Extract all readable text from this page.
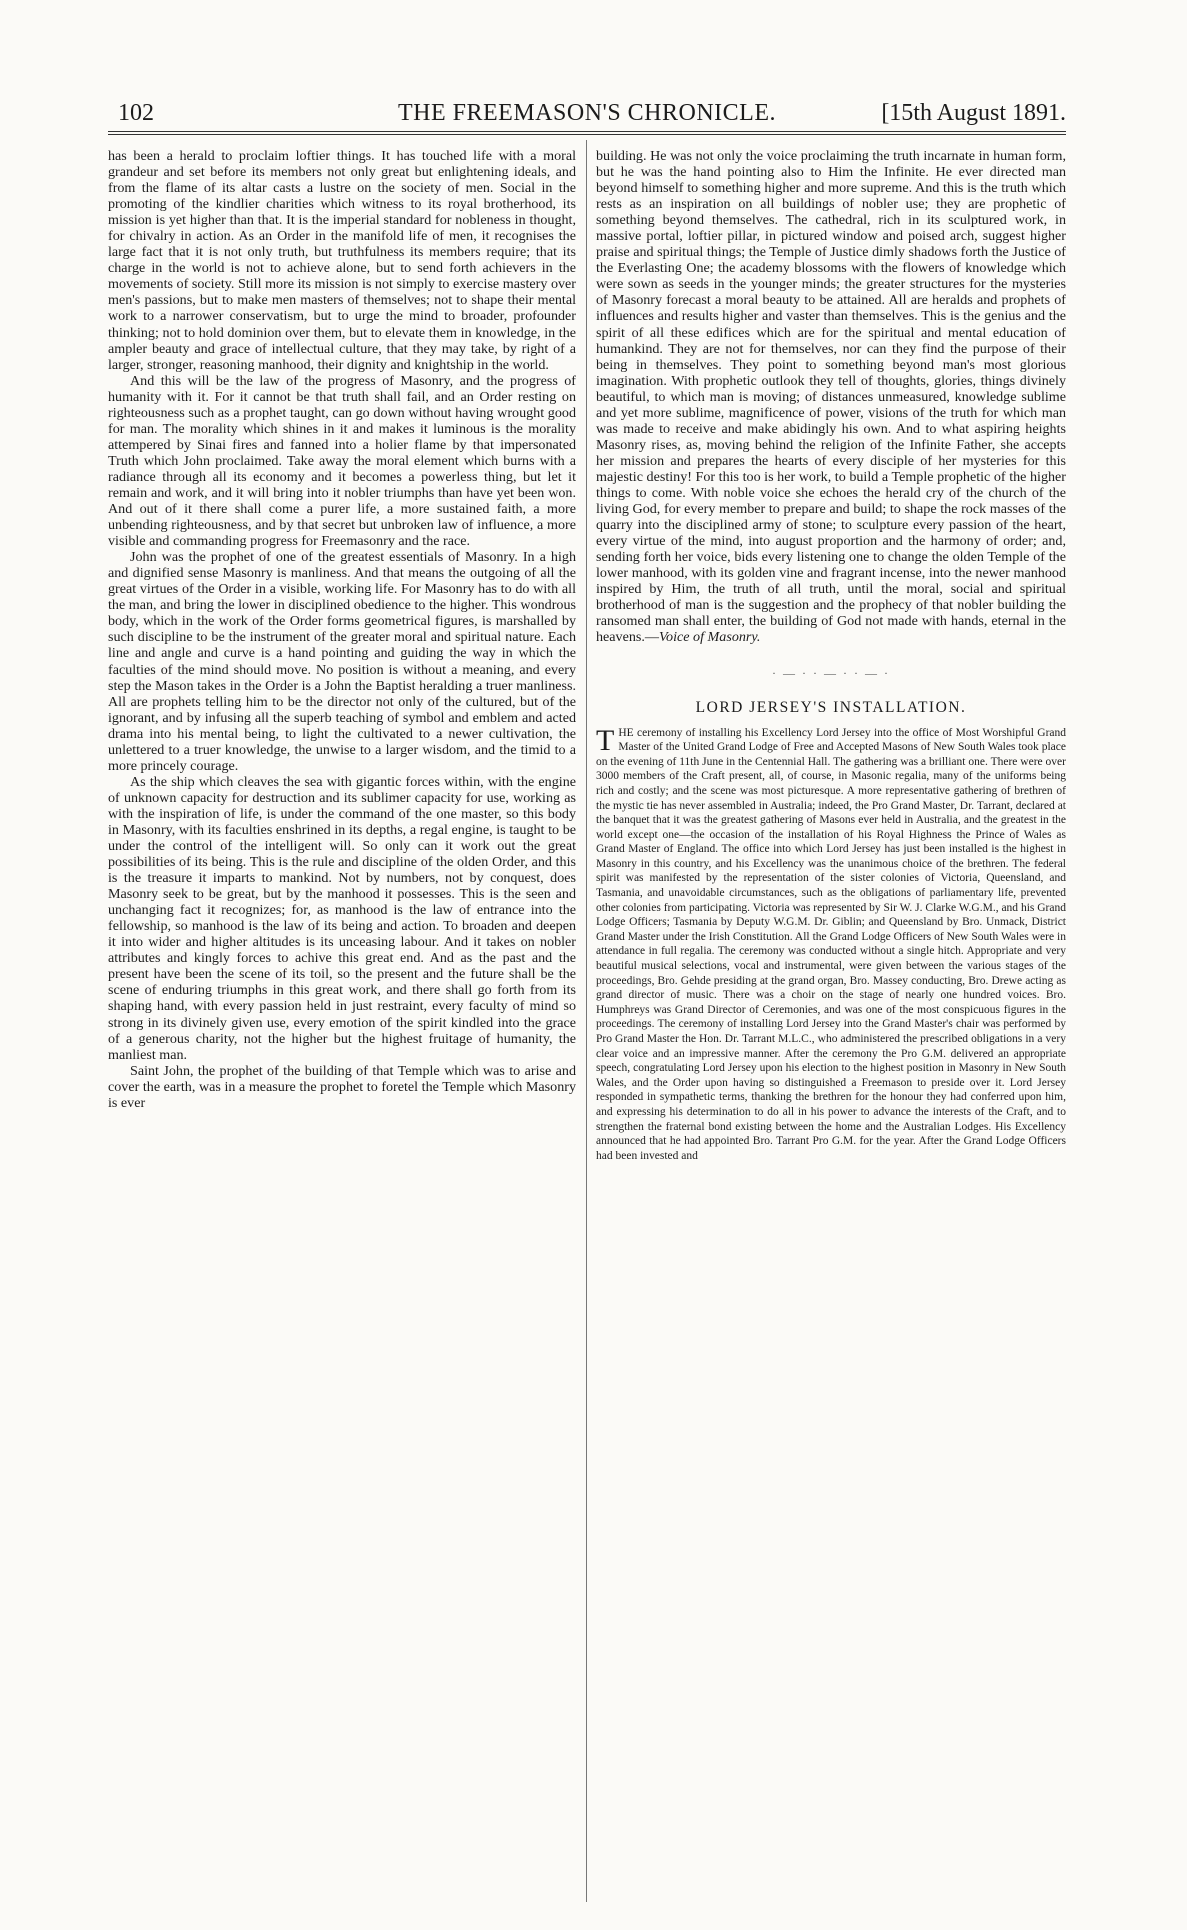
102	THE FREEMASON'S CHRONICLE.	[15th August 1891.

has been a herald to proclaim loftier things. It has touched life with a moral grandeur and set before its members not only great but enlightening ideals, and from the flame of its altar casts a lustre on the society of men. Social in the promoting of the kindlier charities which witness to its royal brotherhood, its mission is yet higher than that. It is the imperial standard for nobleness in thought, for chivalry in action. As an Order in the manifold life of men, it recognises the large fact that it is not only truth, but truthfulness its members require; that its charge in the world is not to achieve alone, but to send forth achievers in the movements of society. Still more its mission is not simply to exercise mastery over men's passions, but to make men masters of themselves; not to shape their mental work to a narrower conservatism, but to urge the mind to broader, profounder thinking; not to hold dominion over them, but to elevate them in knowledge, in the ampler beauty and grace of intellectual culture, that they may take, by right of a larger, stronger, reasoning manhood, their dignity and knightship in the world.

And this will be the law of the progress of Masonry, and the progress of humanity with it. For it cannot be that truth shall fail, and an Order resting on righteousness such as a prophet taught, can go down without having wrought good for man. The morality which shines in it and makes it luminous is the morality attempered by Sinai fires and fanned into a holier flame by that impersonated Truth which John proclaimed. Take away the moral element which burns with a radiance through all its economy and it becomes a powerless thing, but let it remain and work, and it will bring into it nobler triumphs than have yet been won. And out of it there shall come a purer life, a more sustained faith, a more unbending righteousness, and by that secret but unbroken law of influence, a more visible and commanding progress for Freemasonry and the race.

John was the prophet of one of the greatest essentials of Masonry. In a high and dignified sense Masonry is manliness. And that means the outgoing of all the great virtues of the Order in a visible, working life. For Masonry has to do with all the man, and bring the lower in disciplined obedience to the higher. This wondrous body, which in the work of the Order forms geometrical figures, is marshalled by such discipline to be the instrument of the greater moral and spiritual nature. Each line and angle and curve is a hand pointing and guiding the way in which the faculties of the mind should move. No position is without a meaning, and every step the Mason takes in the Order is a John the Baptist heralding a truer manliness. All are prophets telling him to be the director not only of the cultured, but of the ignorant, and by infusing all the superb teaching of symbol and emblem and acted drama into his mental being, to light the cultivated to a newer cultivation, the unlettered to a truer knowledge, the unwise to a larger wisdom, and the timid to a more princely courage.

As the ship which cleaves the sea with gigantic forces within, with the engine of unknown capacity for destruction and its sublimer capacity for use, working as with the inspiration of life, is under the command of the one master, so this body in Masonry, with its faculties enshrined in its depths, a regal engine, is taught to be under the control of the intelligent will. So only can it work out the great possibilities of its being. This is the rule and discipline of the olden Order, and this is the treasure it imparts to mankind. Not by numbers, not by conquest, does Masonry seek to be great, but by the manhood it possesses. This is the seen and unchanging fact it recognizes; for, as manhood is the law of entrance into the fellowship, so manhood is the law of its being and action. To broaden and deepen it into wider and higher altitudes is its unceasing labour. And it takes on nobler attributes and kingly forces to achive this great end. And as the past and the present have been the scene of its toil, so the present and the future shall be the scene of enduring triumphs in this great work, and there shall go forth from its shaping hand, with every passion held in just restraint, every faculty of mind so strong in its divinely given use, every emotion of the spirit kindled into the grace of a generous charity, not the higher but the highest fruitage of humanity, the manliest man.

Saint John, the prophet of the building of that Temple which was to arise and cover the earth, was in a measure the prophet to foretel the Temple which Masonry is ever

building. He was not only the voice proclaiming the truth incarnate in human form, but he was the hand pointing also to Him the Infinite. He ever directed man beyond himself to something higher and more supreme. And this is the truth which rests as an inspiration on all buildings of nobler use; they are prophetic of something beyond themselves. The cathedral, rich in its sculptured work, in massive portal, loftier pillar, in pictured window and poised arch, suggest higher praise and spiritual things; the Temple of Justice dimly shadows forth the Justice of the Everlasting One; the academy blossoms with the flowers of knowledge which were sown as seeds in the younger minds; the greater structures for the mysteries of Masonry forecast a moral beauty to be attained. All are heralds and prophets of influences and results higher and vaster than themselves. This is the genius and the spirit of all these edifices which are for the spiritual and mental education of humankind. They are not for themselves, nor can they find the purpose of their being in themselves. They point to something beyond man's most glorious imagination. With prophetic outlook they tell of thoughts, glories, things divinely beautiful, to which man is moving; of distances unmeasured, knowledge sublime and yet more sublime, magnificence of power, visions of the truth for which man was made to receive and make abidingly his own. And to what aspiring heights Masonry rises, as, moving behind the religion of the Infinite Father, she accepts her mission and prepares the hearts of every disciple of her mysteries for this majestic destiny! For this too is her work, to build a Temple prophetic of the higher things to come. With noble voice she echoes the herald cry of the church of the living God, for every member to prepare and build; to shape the rock masses of the quarry into the disciplined army of stone; to sculpture every passion of the heart, every virtue of the mind, into august proportion and the harmony of order; and, sending forth her voice, bids every listening one to change the olden Temple of the lower manhood, with its golden vine and fragrant incense, into the newer manhood inspired by Him, the truth of all truth, until the moral, social and spiritual brotherhood of man is the suggestion and the prophecy of that nobler building the ransomed man shall enter, the building of God not made with hands, eternal in the heavens.—Voice of Masonry.

· — · · — · · — ·
LORD JERSEY'S INSTALLATION.

THE ceremony of installing his Excellency Lord Jersey into the office of Most Worshipful Grand Master of the United Grand Lodge of Free and Accepted Masons of New South Wales took place on the evening of 11th June in the Centennial Hall. The gathering was a brilliant one. There were over 3000 members of the Craft present, all, of course, in Masonic regalia, many of the uniforms being rich and costly; and the scene was most picturesque. A more representative gathering of brethren of the mystic tie has never assembled in Australia; indeed, the Pro Grand Master, Dr. Tarrant, declared at the banquet that it was the greatest gathering of Masons ever held in Australia, and the greatest in the world except one—the occasion of the installation of his Royal Highness the Prince of Wales as Grand Master of England. The office into which Lord Jersey has just been installed is the highest in Masonry in this country, and his Excellency was the unanimous choice of the brethren. The federal spirit was manifested by the representation of the sister colonies of Victoria, Queensland, and Tasmania, and unavoidable circumstances, such as the obligations of parliamentary life, prevented other colonies from participating. Victoria was represented by Sir W. J. Clarke W.G.M., and his Grand Lodge Officers; Tasmania by Deputy W.G.M. Dr. Giblin; and Queensland by Bro. Unmack, District Grand Master under the Irish Constitution. All the Grand Lodge Officers of New South Wales were in attendance in full regalia. The ceremony was conducted without a single hitch. Appropriate and very beautiful musical selections, vocal and instrumental, were given between the various stages of the proceedings, Bro. Gehde presiding at the grand organ, Bro. Massey conducting, Bro. Drewe acting as grand director of music. There was a choir on the stage of nearly one hundred voices. Bro. Humphreys was Grand Director of Ceremonies, and was one of the most conspicuous figures in the proceedings. The ceremony of installing Lord Jersey into the Grand Master's chair was performed by Pro Grand Master the Hon. Dr. Tarrant M.L.C., who administered the prescribed obligations in a very clear voice and an impressive manner. After the ceremony the Pro G.M. delivered an appropriate speech, congratulating Lord Jersey upon his election to the highest position in Masonry in New South Wales, and the Order upon having so distinguished a Freemason to preside over it. Lord Jersey responded in sympathetic terms, thanking the brethren for the honour they had conferred upon him, and expressing his determination to do all in his power to advance the interests of the Craft, and to strengthen the fraternal bond existing between the home and the Australian Lodges. His Excellency announced that he had appointed Bro. Tarrant Pro G.M. for the year. After the Grand Lodge Officers had been invested and
